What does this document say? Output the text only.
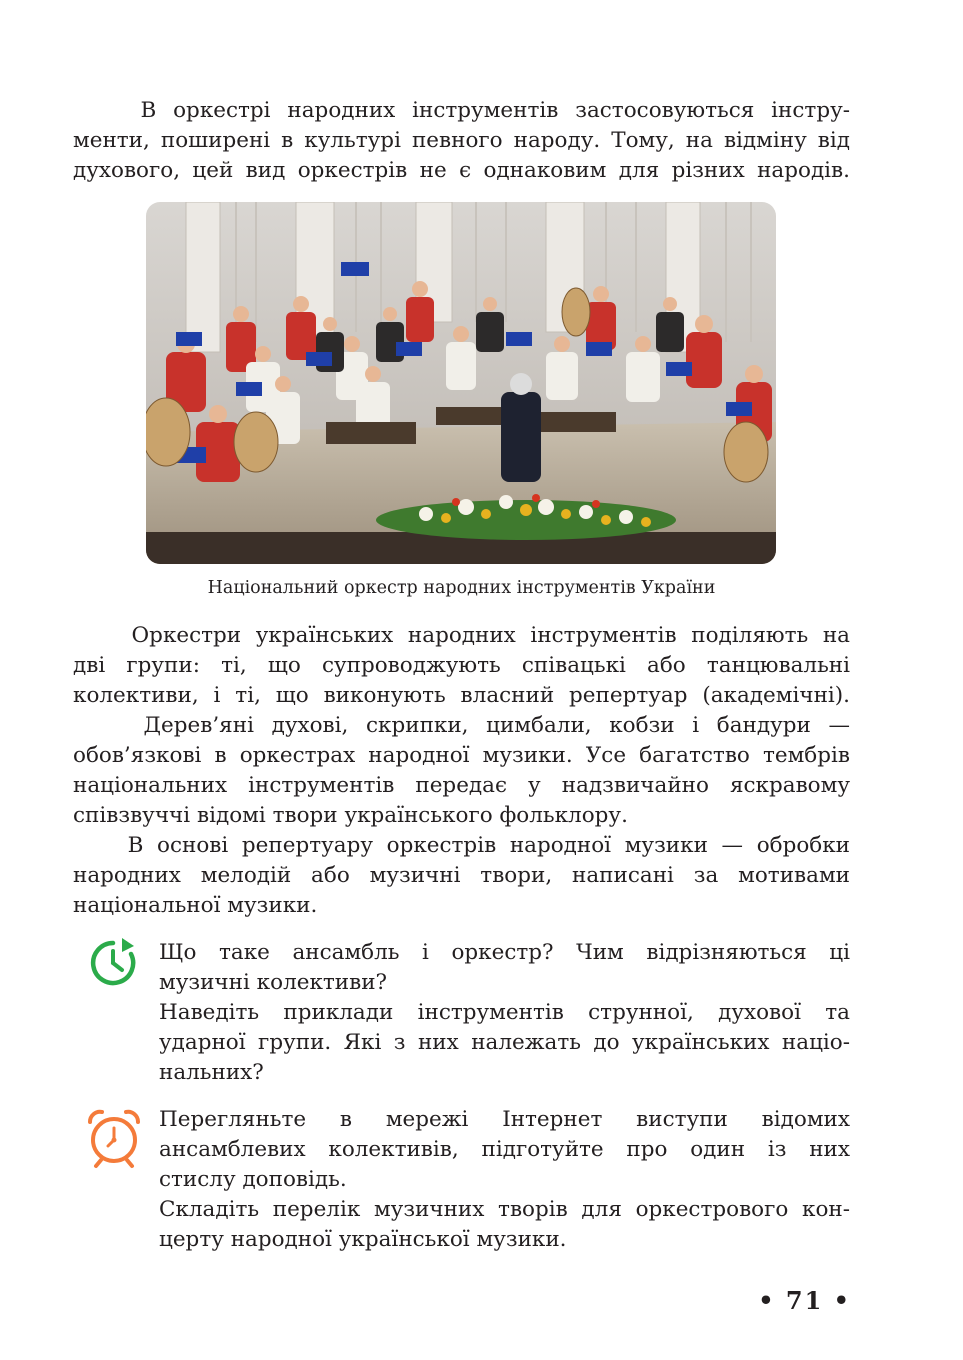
В оркестрі народних інструментів застосовуються інстру-
менти, поширені в культурі певного народу. Тому, на відміну від
духового, цей вид оркестрів не є однаковим для різних народів.
Національний оркестр народних інструментів України
Оркестри українських народних інструментів поділяють на
дві групи: ті, що супроводжують співацькі або танцювальні
колективи, і ті, що виконують власний репертуар (академічні).
Дерев’яні духові, скрипки, цимбали, кобзи і бандури —
обов’язкові в оркестрах народної музики. Усе багатство тембрів
національних інструментів передає у надзвичайно яскравому
співзвуччі відомі твори українського фольклору.
В основі репертуару оркестрів народної музики — обробки
народних мелодій або музичні твори, написані за мотивами
національної музики.
Що таке ансамбль і оркестр? Чим відрізняються ці
музичні колективи?
Наведіть приклади інструментів струнної, духової та
ударної групи. Які з них належать до українських націо-
нальних?
Перегляньте в мережі Інтернет виступи відомих
ансамблевих колективів, підготуйте про один із них
стислу доповідь.
Складіть перелік музичних творів для оркестрового кон-
церту народної української музики.
• 71 •
